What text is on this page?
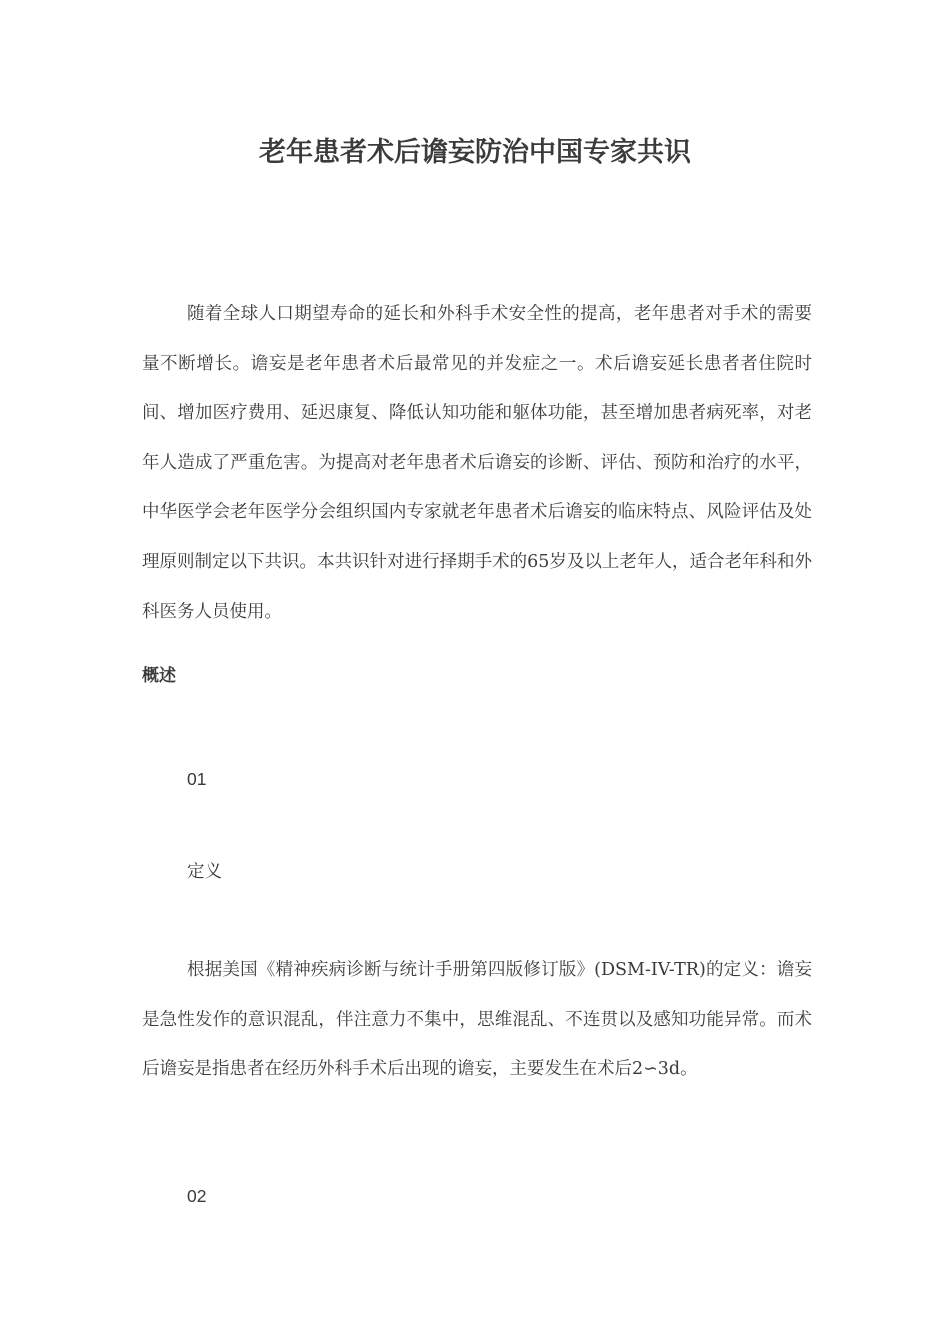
老年患者术后谵妄防治中国专家共识

随着全球人口期望寿命的延长和外科手术安全性的提高，老年患者对手术的需要量不断增长。谵妄是老年患者术后最常见的并发症之一。术后谵妄延长患者者住院时间、增加医疗费用、延迟康复、降低认知功能和躯体功能，甚至增加患者病死率，对老年人造成了严重危害。为提高对老年患者术后谵妄的诊断、评估、预防和治疗的水平，中华医学会老年医学分会组织国内专家就老年患者术后谵妄的临床特点、风险评估及处理原则制定以下共识。本共识针对进行择期手术的65岁及以上老年人，适合老年科和外科医务人员使用。

概述

01

定义

根据美国《精神疾病诊断与统计手册第四版修订版》(DSM-IV-TR)的定义：谵妄是急性发作的意识混乱，伴注意力不集中，思维混乱、不连贯以及感知功能异常。而术后谵妄是指患者在经历外科手术后出现的谵妄，主要发生在术后2∽3d。

02
